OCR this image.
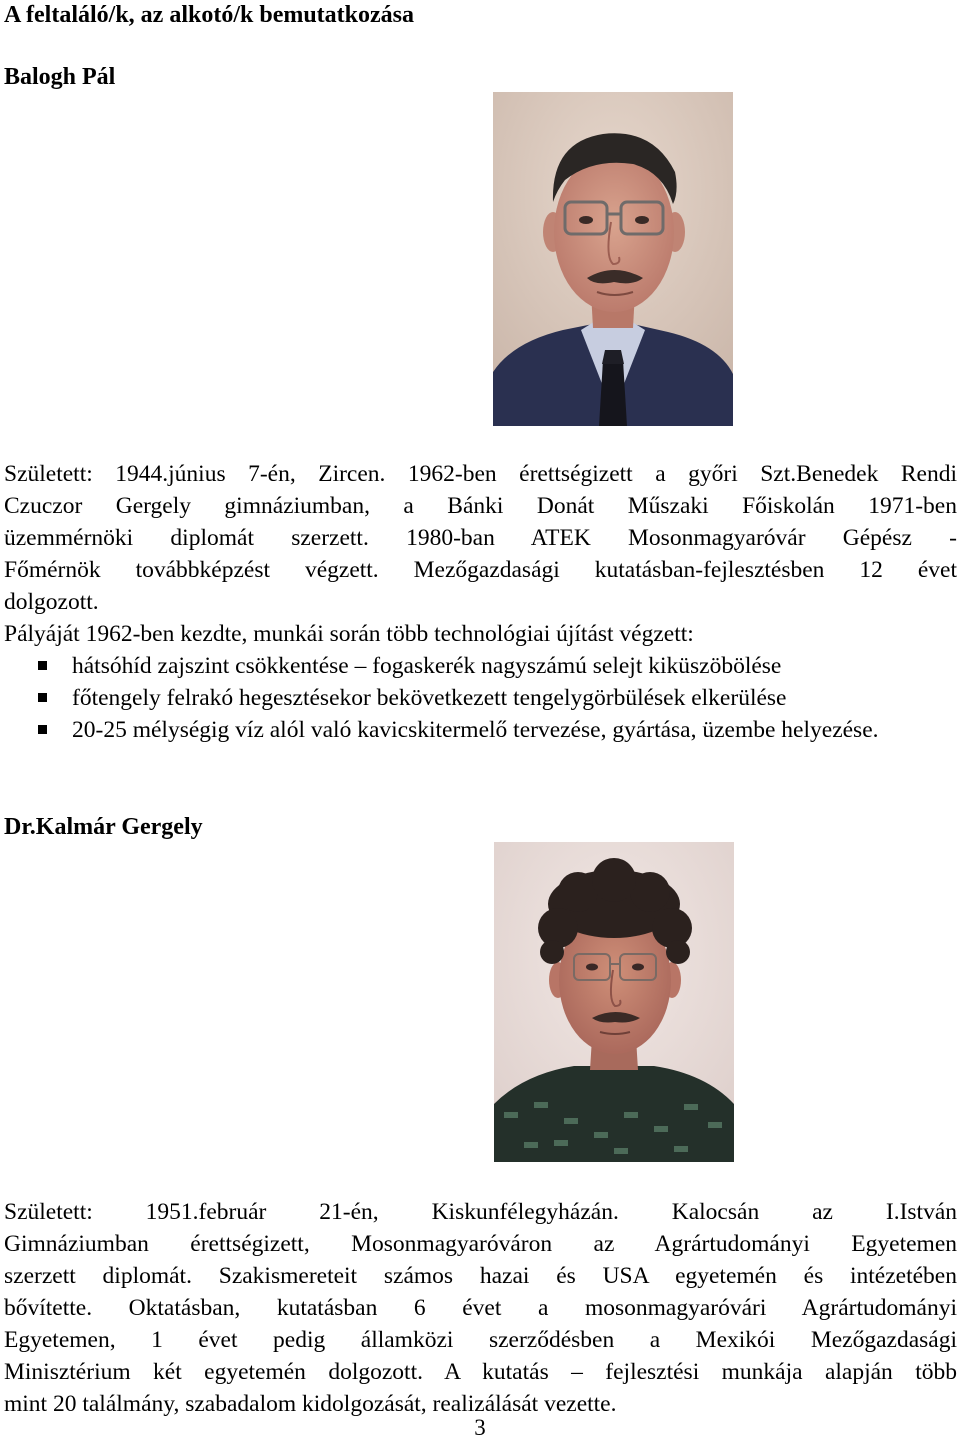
A feltaláló/k, az alkotó/k bemutatkozása
Balogh Pál
Született: 1944.június 7-én, Zircen. 1962-ben érettségizett a győri Szt.Benedek Rendi
Czuczor Gergely gimnáziumban, a Bánki Donát Műszaki Főiskolán 1971-ben
üzemmérnöki diplomát szerzett. 1980-ban ATEK Mosonmagyaróvár Gépész -
Főmérnök továbbképzést végzett. Mezőgazdasági kutatásban-fejlesztésben 12 évet
dolgozott.
Pályáját 1962-ben kezdte, munkái során több technológiai újítást végzett:
hátsóhíd zajszint csökkentése – fogaskerék nagyszámú selejt kiküszöbölése
főtengely felrakó hegesztésekor bekövetkezett tengelygörbülések elkerülése
20-25 mélységig víz alól való kavicskitermelő tervezése, gyártása, üzembe helyezése.
Dr.Kalmár Gergely
Született: 1951.február 21-én, Kiskunfélegyházán. Kalocsán az I.István
Gimnáziumban érettségizett, Mosonmagyaróváron az Agrártudományi Egyetemen
szerzett diplomát. Szakismereteit számos hazai és USA egyetemén és intézetében
bővítette. Oktatásban, kutatásban 6 évet a mosonmagyaróvári Agrártudományi
Egyetemen, 1 évet pedig államközi szerződésben a Mexikói Mezőgazdasági
Minisztérium két egyetemén dolgozott. A kutatás – fejlesztési munkája alapján több
mint 20 találmány, szabadalom kidolgozását, realizálását vezette.
3
